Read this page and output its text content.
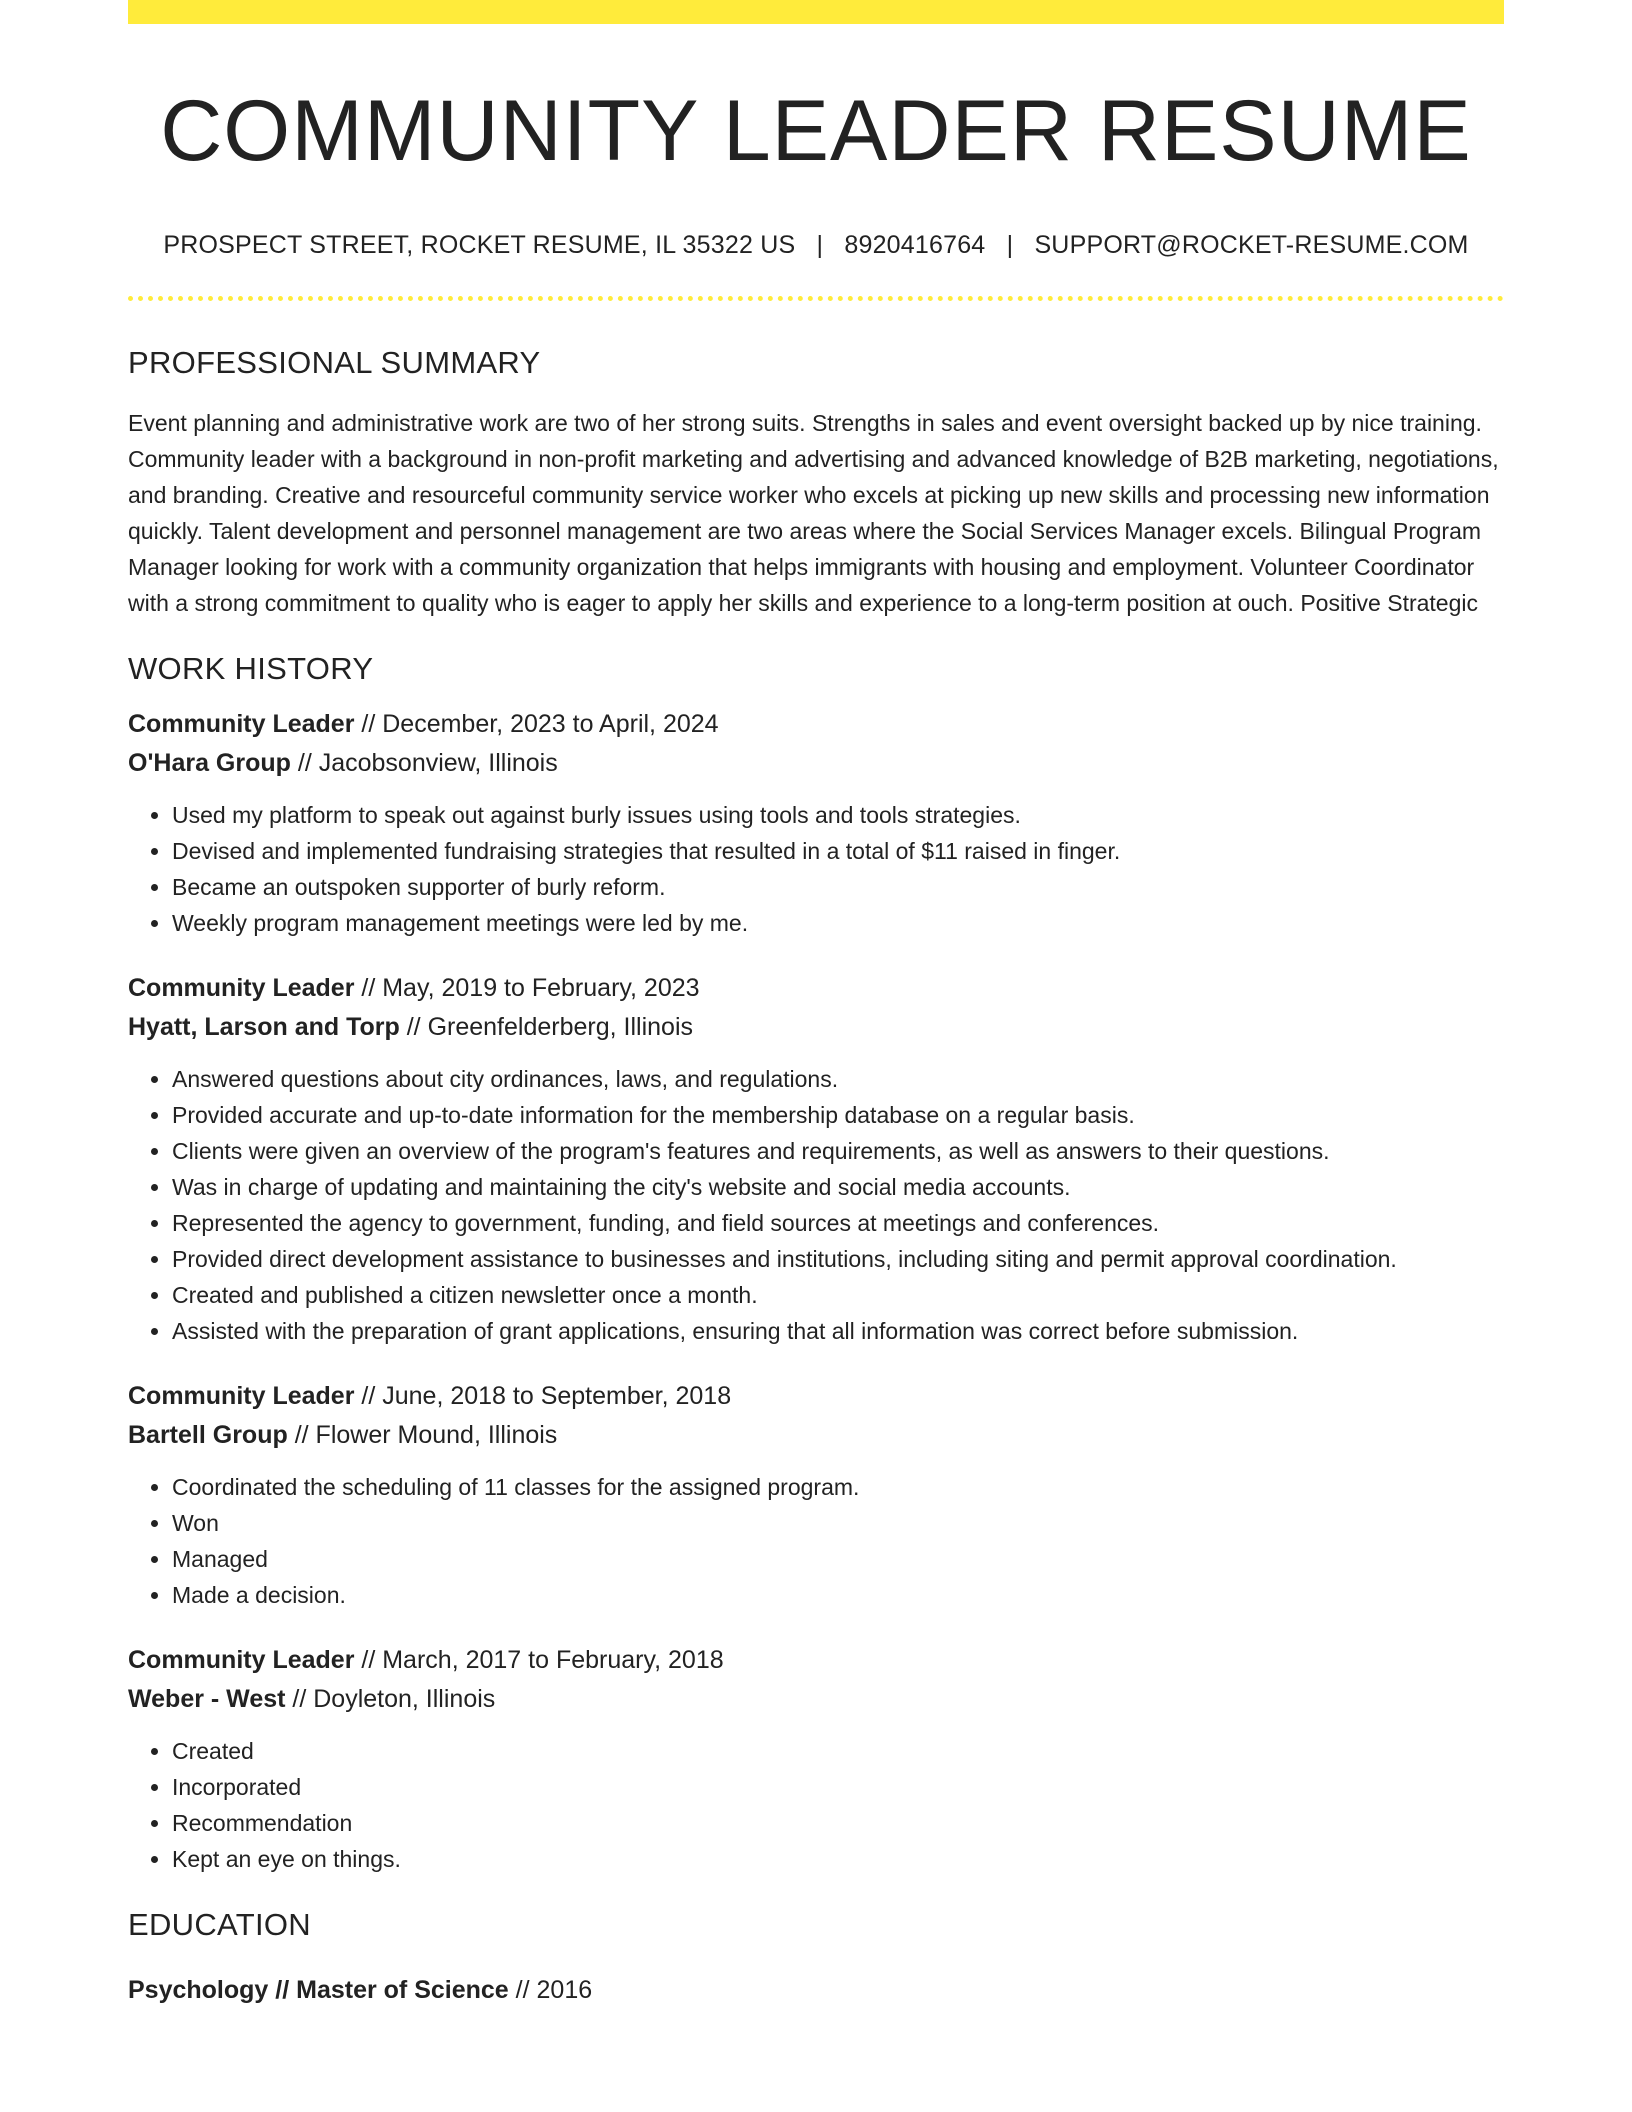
COMMUNITY LEADER RESUME
PROSPECT STREET, ROCKET RESUME, IL 35322 US | 8920416764 | SUPPORT@ROCKET-RESUME.COM
PROFESSIONAL SUMMARY

Event planning and administrative work are two of her strong suits. Strengths in sales and event oversight backed up by nice training. Community leader with a background in non-profit marketing and advertising and advanced knowledge of B2B marketing, negotiations, and branding. Creative and resourceful community service worker who excels at picking up new skills and processing new information quickly. Talent development and personnel management are two areas where the Social Services Manager excels. Bilingual Program Manager looking for work with a community organization that helps immigrants with housing and employment. Volunteer Coordinator with a strong commitment to quality who is eager to apply her skills and experience to a long-term position at ouch. Positive Strategic

WORK HISTORY
Community Leader // December, 2023 to April, 2024
O'Hara Group // Jacobsonview, Illinois
• Used my platform to speak out against burly issues using tools and tools strategies.
• Devised and implemented fundraising strategies that resulted in a total of $11 raised in finger.
• Became an outspoken supporter of burly reform.
• Weekly program management meetings were led by me.
Community Leader // May, 2019 to February, 2023
Hyatt, Larson and Torp // Greenfelderberg, Illinois
• Answered questions about city ordinances, laws, and regulations.
• Provided accurate and up-to-date information for the membership database on a regular basis.
• Clients were given an overview of the program's features and requirements, as well as answers to their questions.
• Was in charge of updating and maintaining the city's website and social media accounts.
• Represented the agency to government, funding, and field sources at meetings and conferences.
• Provided direct development assistance to businesses and institutions, including siting and permit approval coordination.
• Created and published a citizen newsletter once a month.
• Assisted with the preparation of grant applications, ensuring that all information was correct before submission.
Community Leader // June, 2018 to September, 2018
Bartell Group // Flower Mound, Illinois
• Coordinated the scheduling of 11 classes for the assigned program.
• Won
• Managed
• Made a decision.
Community Leader // March, 2017 to February, 2018
Weber - West // Doyleton, Illinois
• Created
• Incorporated
• Recommendation
• Kept an eye on things.
EDUCATION
Psychology // Master of Science // 2016
